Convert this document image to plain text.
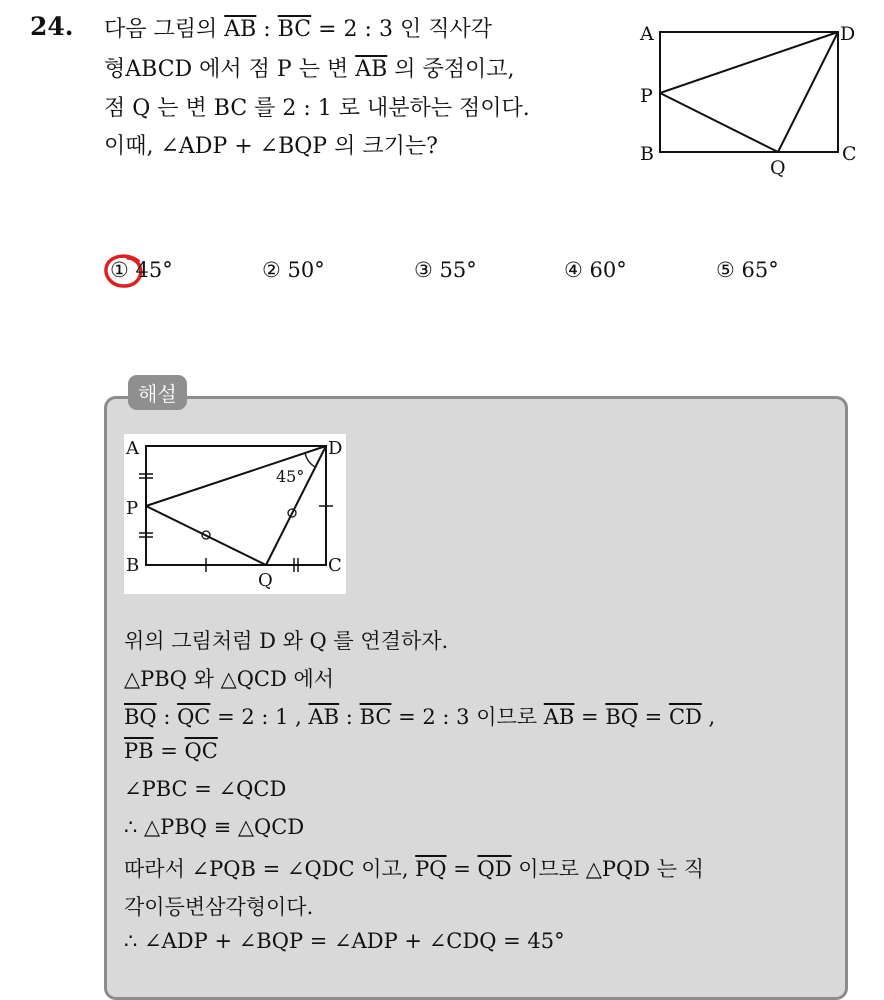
24. 다음 그림의 $\overline{AB}$ : $\overline{BC} = 2$ : 3 인 직사각
형ABCD 에서 점 P 는 변 $\overline{AB}$ 의 중점이고,
점 Q 는 변 BC 를 2 : 1 로 내분하는 점이다.
이때, ∠ADP + ∠BQP 의 크기는?
A	D
P
B	C
Q
① 45°	② 50°	③ 55°	④ 60°	⑤ 65°
해설
A	D
P
B	C
Q
45°
위의 그림처럼 D 와 Q 를 연결하자.
△PBQ 와 △QCD 에서
$\overline{BQ}$ : $\overline{QC} = 2$ : 1 , $\overline{AB}$ : $\overline{BC} = 2$ : 3 이므로 $\overline{AB} = \overline{BQ} = \overline{CD}$ ,
$\overline{PB} = \overline{QC}$
∠PBC = ∠QCD
∴ △PBQ ≡ △QCD
따라서 ∠PQB = ∠QDC 이고, $\overline{PQ} = \overline{QD}$ 이므로 △PQD 는 직
각이등변삼각형이다.
∴ ∠ADP + ∠BQP = ∠ADP + ∠CDQ = 45°
